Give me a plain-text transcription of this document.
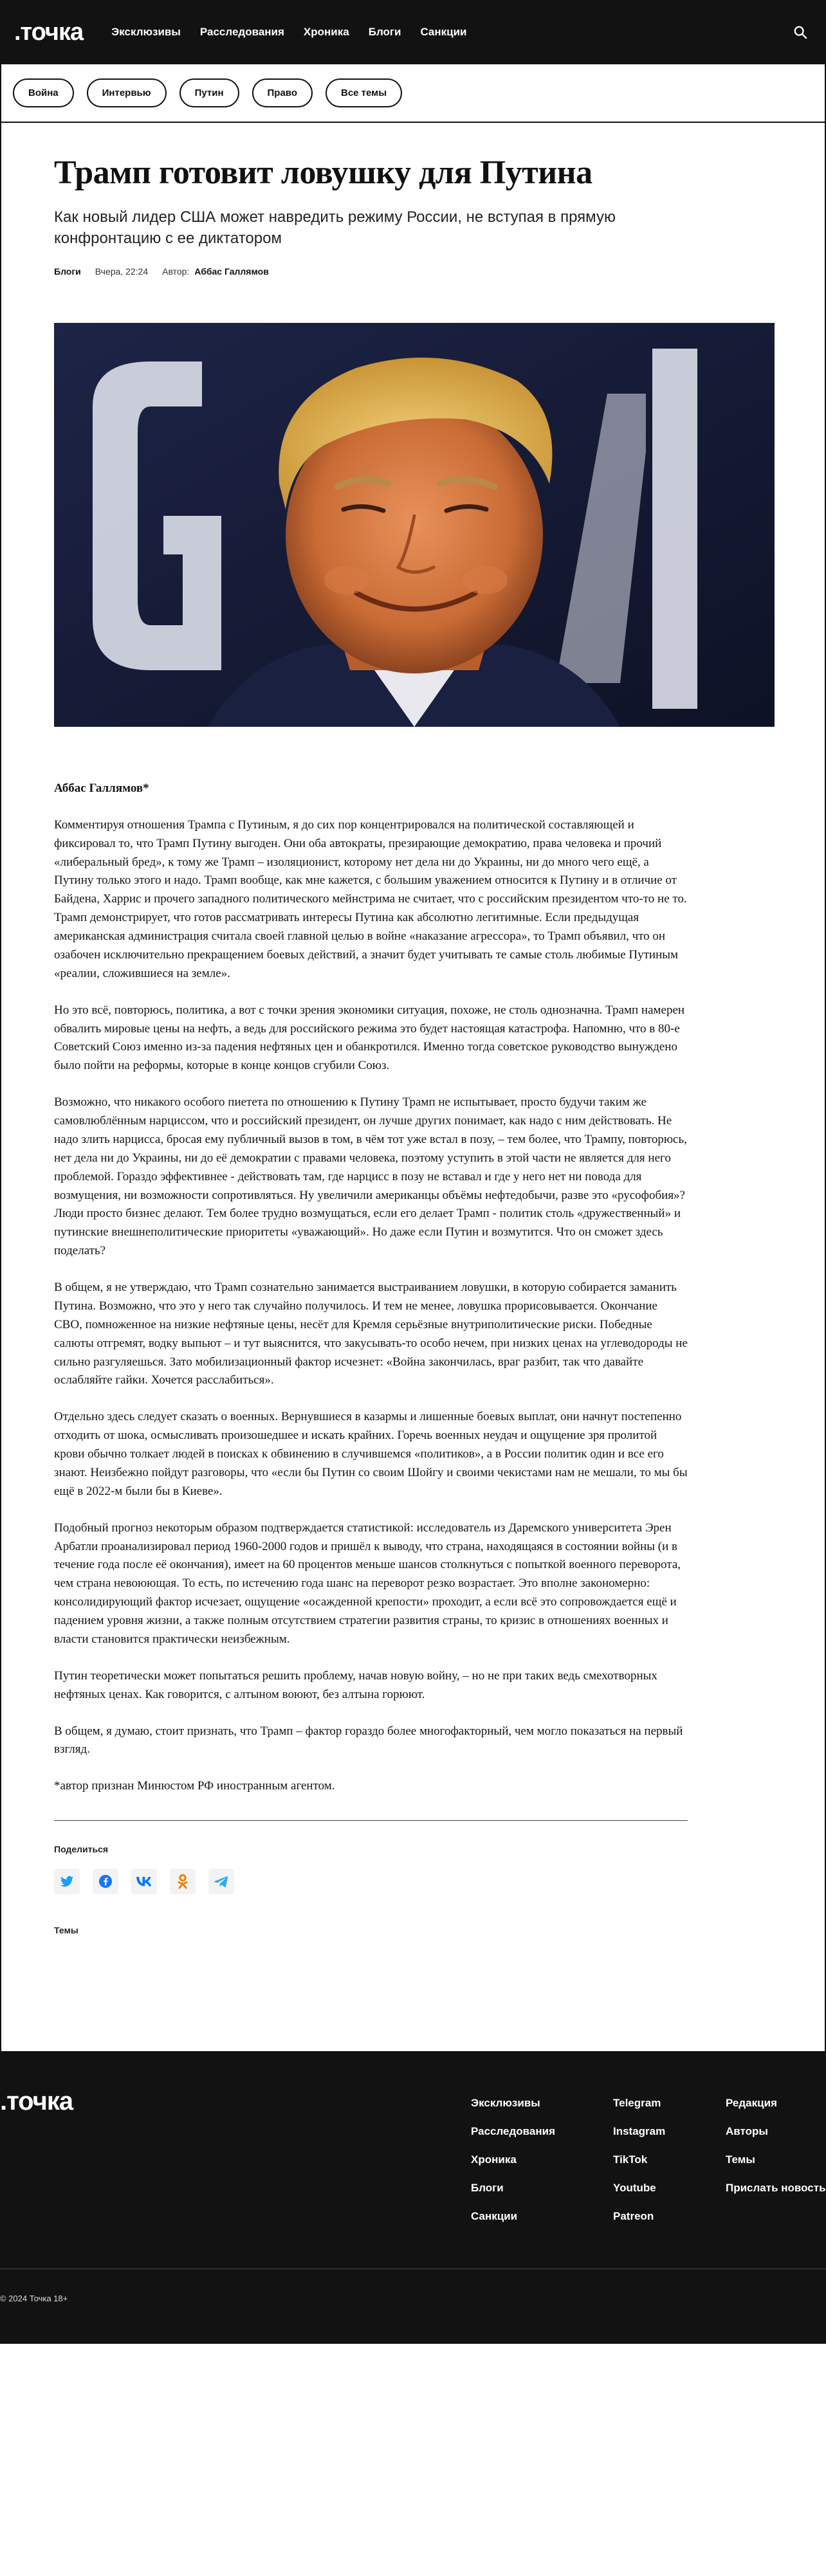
.точка	Эксклюзивы Расследования Хроника Блоги Санкции
Война	Интервью	Путин	Право	Все темы
Трамп готовит ловушку для Путина

Как новый лидер США может навредить режиму России, не вступая в прямую конфронтацию с ее диктатором

Блоги Вчера, 22:24 Автор: Аббас Галлямов

Аббас Галлямов*

Комментируя отношения Трампа с Путиным, я до сих пор концентрировался на политической составляющей и фиксировал то, что Трамп Путину выгоден. Они оба автократы, презирающие демократию, права человека и прочий «либеральный бред», к тому же Трамп – изоляционист, которому нет дела ни до Украины, ни до много чего ещё, а Путину только этого и надо. Трамп вообще, как мне кажется, с большим уважением относится к Путину и в отличие от Байдена, Харрис и прочего западного политического мейнстрима не считает, что с российским президентом что-то не то. Трамп демонстрирует, что готов рассматривать интересы Путина как абсолютно легитимные. Если предыдущая американская администрация считала своей главной целью в войне «наказание агрессора», то Трамп объявил, что он озабочен исключительно прекращением боевых действий, а значит будет учитывать те самые столь любимые Путиным «реалии, сложившиеся на земле».

Но это всё, повторюсь, политика, а вот с точки зрения экономики ситуация, похоже, не столь однозначна. Трамп намерен обвалить мировые цены на нефть, а ведь для российского режима это будет настоящая катастрофа. Напомню, что в 80-е Советский Союз именно из-за падения нефтяных цен и обанкротился. Именно тогда советское руководство вынуждено было пойти на реформы, которые в конце концов сгубили Союз.

Возможно, что никакого особого пиетета по отношению к Путину Трамп не испытывает, просто будучи таким же самовлюблённым нарциссом, что и российский президент, он лучше других понимает, как надо с ним действовать. Не надо злить нарцисса, бросая ему публичный вызов в том, в чём тот уже встал в позу, – тем более, что Трампу, повторюсь, нет дела ни до Украины, ни до её демократии с правами человека, поэтому уступить в этой части не является для него проблемой. Гораздо эффективнее - действовать там, где нарцисс в позу не вставал и где у него нет ни повода для возмущения, ни возможности сопротивляться. Ну увеличили американцы объёмы нефтедобычи, разве это «русофобия»? Люди просто бизнес делают. Тем более трудно возмущаться, если его делает Трамп - политик столь «дружественный» и путинские внешнеполитические приоритеты «уважающий». Но даже если Путин и возмутится. Что он сможет здесь поделать?

В общем, я не утверждаю, что Трамп сознательно занимается выстраиванием ловушки, в которую собирается заманить Путина. Возможно, что это у него так случайно получилось. И тем не менее, ловушка прорисовывается. Окончание СВО, помноженное на низкие нефтяные цены, несёт для Кремля серьёзные внутриполитические риски. Победные салюты отгремят, водку выпьют – и тут выяснится, что закусывать-то особо нечем, при низких ценах на углеводороды не сильно разгуляешься. Зато мобилизационный фактор исчезнет: «Война закончилась, враг разбит, так что давайте ослабляйте гайки. Хочется расслабиться».

Отдельно здесь следует сказать о военных. Вернувшиеся в казармы и лишенные боевых выплат, они начнут постепенно отходить от шока, осмысливать произошедшее и искать крайних. Горечь военных неудач и ощущение зря пролитой крови обычно толкает людей в поисках к обвинению в случившемся «политиков», а в России политик один и все его знают. Неизбежно пойдут разговоры, что «если бы Путин со своим Шойгу и своими чекистами нам не мешали, то мы бы ещё в 2022-м были бы в Киеве».

Подобный прогноз некоторым образом подтверждается статистикой: исследователь из Даремского университета Эрен Арбатли проанализировал период 1960-2000 годов и пришёл к выводу, что страна, находящаяся в состоянии войны (и в течение года после её окончания), имеет на 60 процентов меньше шансов столкнуться с попыткой военного переворота, чем страна невоюющая. То есть, по истечению года шанс на переворот резко возрастает. Это вполне закономерно: консолидирующий фактор исчезает, ощущение «осажденной крепости» проходит, а если всё это сопровождается ещё и падением уровня жизни, а также полным отсутствием стратегии развития страны, то кризис в отношениях военных и власти становится практически неизбежным.

Путин теоретически может попытаться решить проблему, начав новую войну, – но не при таких ведь смехотворных нефтяных ценах. Как говорится, с алтыном воюют, без алтына горюют.

В общем, я думаю, стоит признать, что Трамп – фактор гораздо более многофакторный, чем могло показаться на первый взгляд.

*автор признан Минюстом РФ иностранным агентом.

Поделиться
Темы
.точка	Эксклюзивы
Расследования
Хроника
Блоги
Санкции
Telegram
Instagram
TikTok
Youtube
Patreon
Редакция
Авторы
Темы
Прислать новость
© 2024 Точка 18+
